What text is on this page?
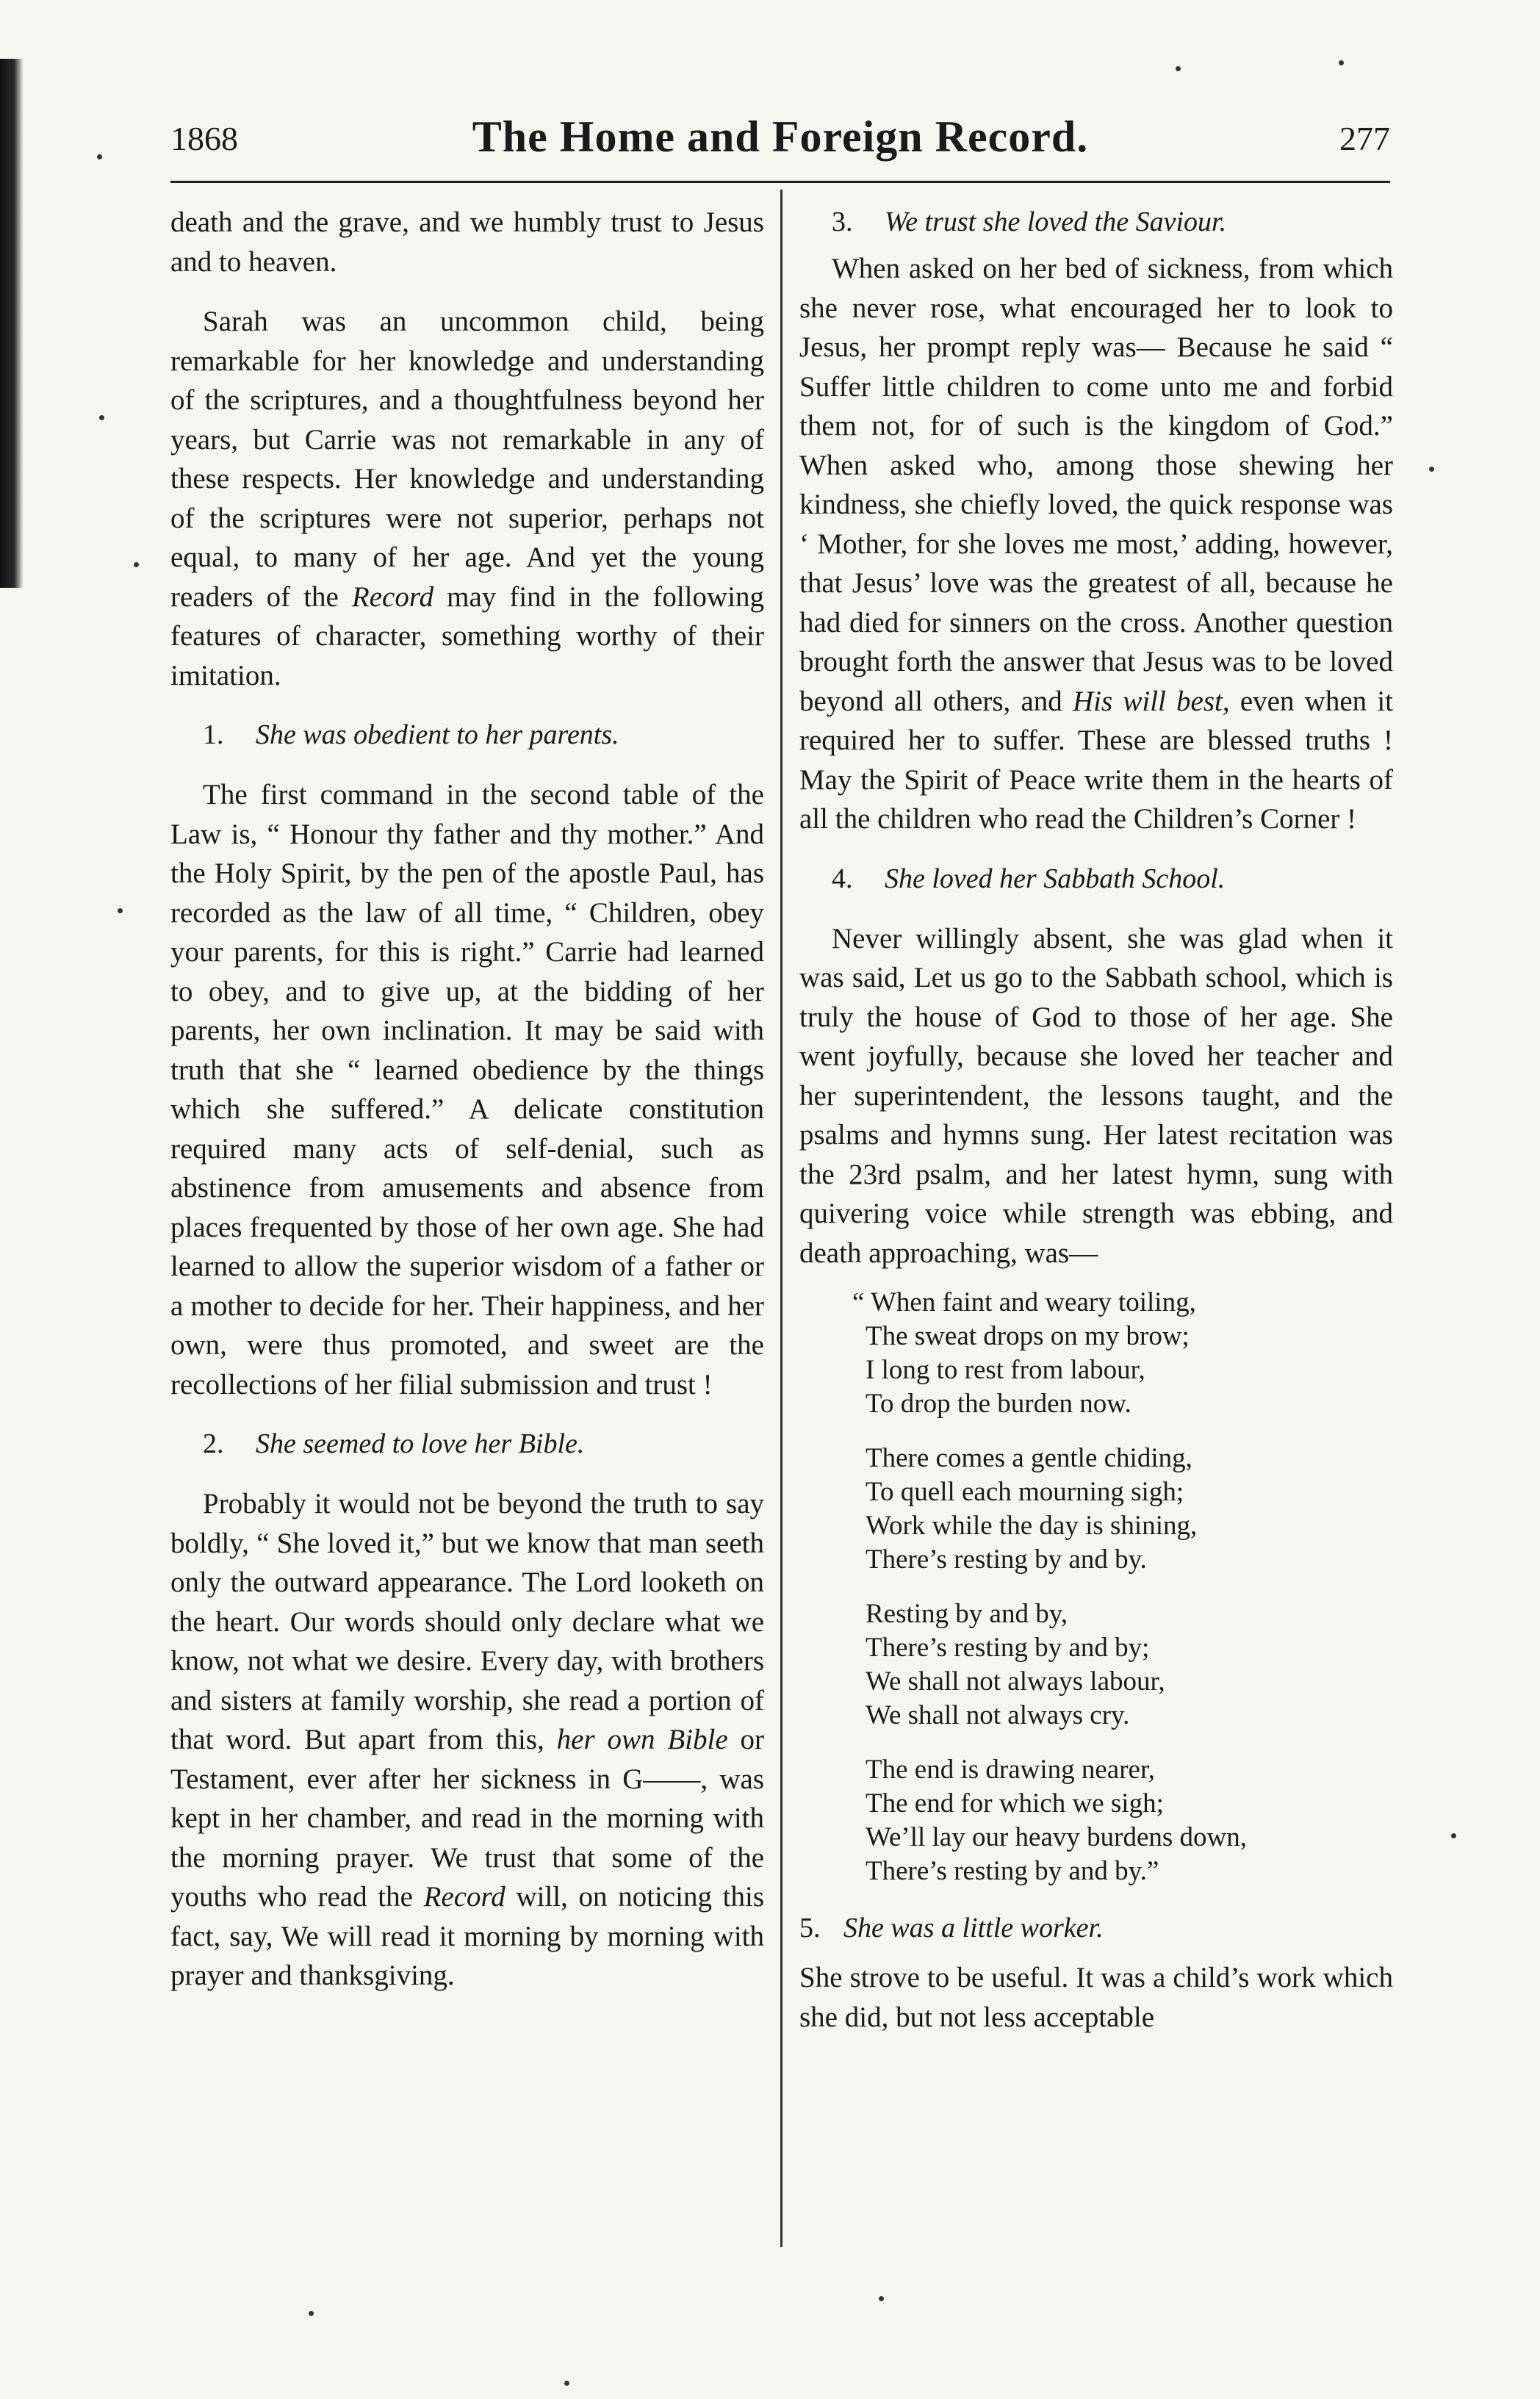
1868	The Home and Foreign Record.	277

death and the grave, and we humbly trust to Jesus and to heaven.

Sarah was an uncommon child, being remarkable for her knowledge and understanding of the scriptures, and a thoughtfulness beyond her years, but Carrie was not remarkable in any of these respects. Her knowledge and understanding of the scriptures were not superior, perhaps not equal, to many of her age. And yet the young readers of the Record may find in the following features of character, something worthy of their imitation.

1. She was obedient to her parents.

The first command in the second table of the Law is, “ Honour thy father and thy mother.” And the Holy Spirit, by the pen of the apostle Paul, has recorded as the law of all time, “ Children, obey your parents, for this is right.” Carrie had learned to obey, and to give up, at the bidding of her parents, her own inclination. It may be said with truth that she “ learned obedience by the things which she suffered.” A delicate constitution required many acts of self-denial, such as abstinence from amusements and absence from places frequented by those of her own age. She had learned to allow the superior wisdom of a father or a mother to decide for her. Their happiness, and her own, were thus promoted, and sweet are the recollections of her filial submission and trust !

2. She seemed to love her Bible.

Probably it would not be beyond the truth to say boldly, “ She loved it,” but we know that man seeth only the outward appearance. The Lord looketh on the heart. Our words should only declare what we know, not what we desire. Every day, with brothers and sisters at family worship, she read a portion of that word. But apart from this, her own Bible or Testament, ever after her sickness in G——, was kept in her chamber, and read in the morning with the morning prayer. We trust that some of the youths who read the Record will, on noticing this fact, say, We will read it morning by morning with prayer and thanksgiving.

3. We trust she loved the Saviour.

When asked on her bed of sickness, from which she never rose, what encouraged her to look to Jesus, her prompt reply was— Because he said “ Suffer little children to come unto me and forbid them not, for of such is the kingdom of God.” When asked who, among those shewing her kindness, she chiefly loved, the quick response was ‘ Mother, for she loves me most,’ adding, however, that Jesus’ love was the greatest of all, because he had died for sinners on the cross. Another question brought forth the answer that Jesus was to be loved beyond all others, and His will best, even when it required her to suffer. These are blessed truths ! May the Spirit of Peace write them in the hearts of all the children who read the Children’s Corner !

4. She loved her Sabbath School.

Never willingly absent, she was glad when it was said, Let us go to the Sabbath school, which is truly the house of God to those of her age. She went joyfully, because she loved her teacher and her superintendent, the lessons taught, and the psalms and hymns sung. Her latest recitation was the 23rd psalm, and her latest hymn, sung with quivering voice while strength was ebbing, and death approaching, was—

“ When faint and weary toiling,
The sweat drops on my brow;
I long to rest from labour,
To drop the burden now.
There comes a gentle chiding,
To quell each mourning sigh;
Work while the day is shining,
There’s resting by and by.
Resting by and by,
There’s resting by and by;
We shall not always labour,
We shall not always cry.
The end is drawing nearer,
The end for which we sigh;
We’ll lay our heavy burdens down,
There’s resting by and by.”
5. She was a little worker.

She strove to be useful. It was a child’s work which she did, but not less acceptable
